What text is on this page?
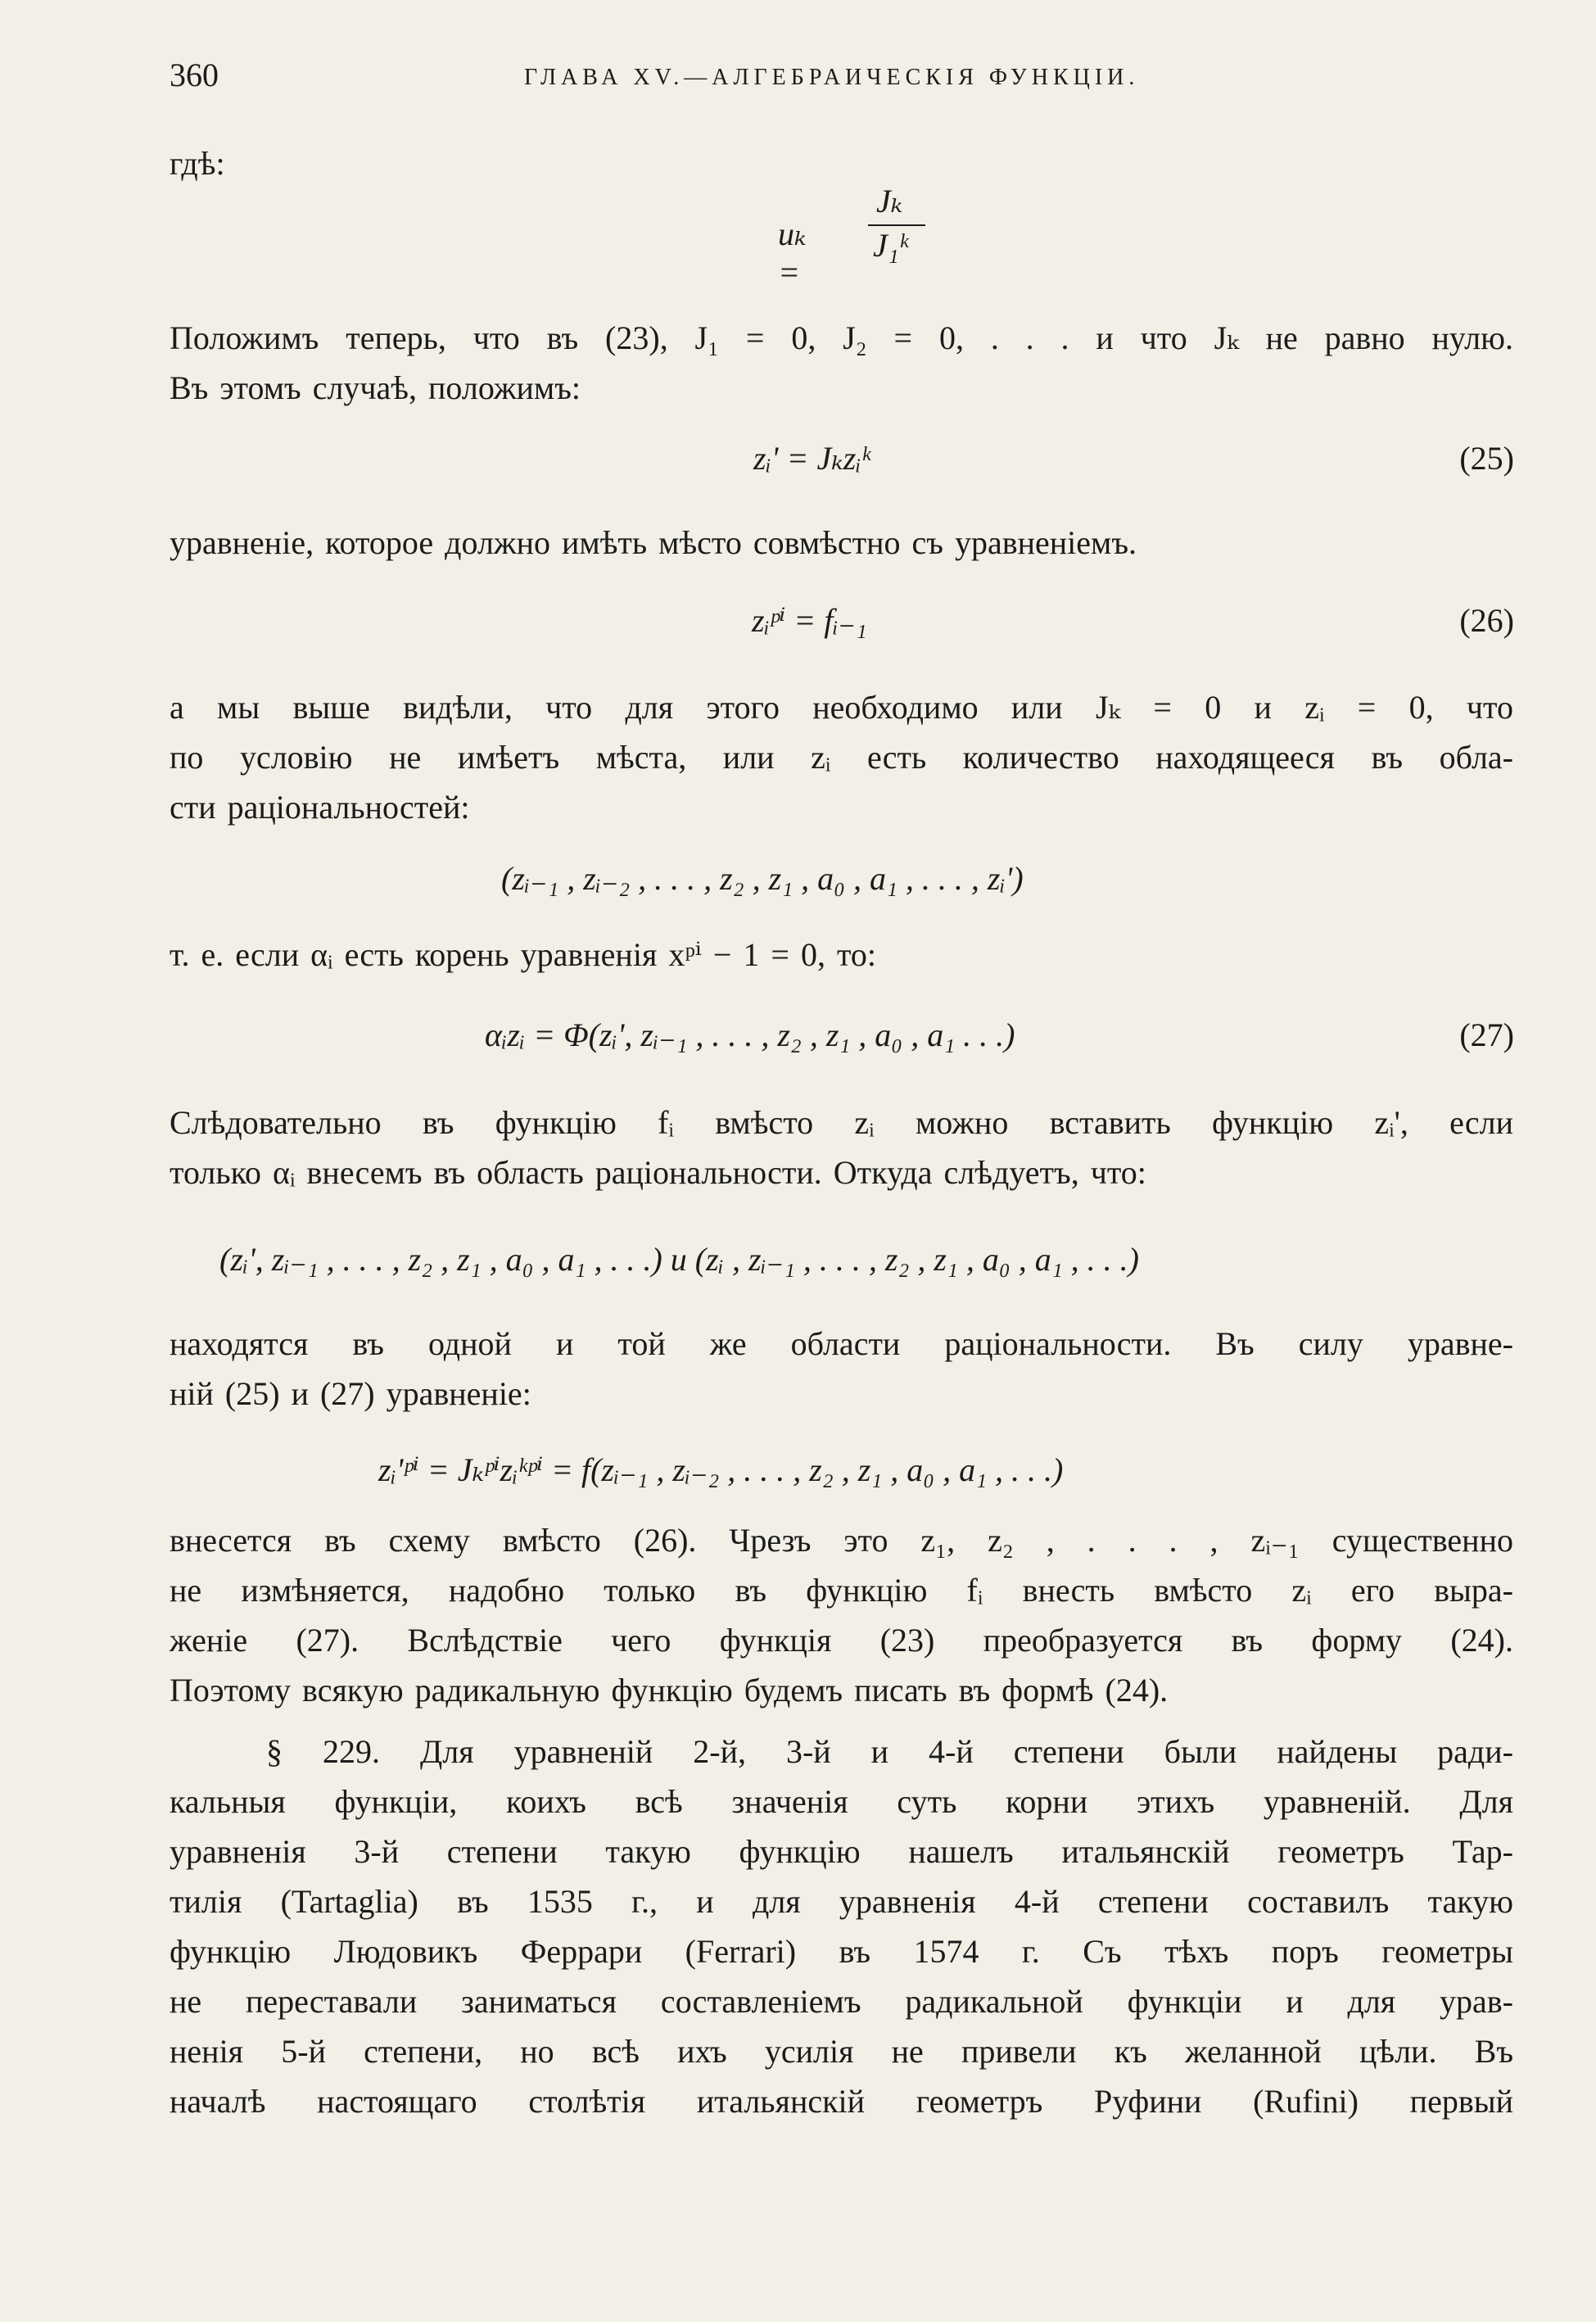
360	ГЛАВА XV.—АЛГЕБРАИЧЕСКІЯ ФУНКЦІИ.
гдѣ:
uₖ =
Jₖ
J₁ᵏ
Положимъ теперь, что въ (23), J₁ = 0, J₂ = 0, . . . и что Jₖ не равно нулю.
Въ этомъ случаѣ, положимъ:
zᵢ' = Jₖzᵢᵏ	(25)
уравненіе, которое должно имѣть мѣсто совмѣстно съ уравненіемъ.
zᵢᵖⁱ = fᵢ₋₁	(26)
а мы выше видѣли, что для этого необходимо или Jₖ = 0 и zᵢ = 0, что
по условію не имѣетъ мѣста, или zᵢ есть количество находящееся въ обла-
сти раціональностей:
(zᵢ₋₁ , zᵢ₋₂ , . . . , z₂ , z₁ , a₀ , a₁ , . . . , zᵢ')
т. е. если αᵢ есть корень уравненія xᵖⁱ − 1 = 0, то:
αᵢzᵢ = Φ(zᵢ', zᵢ₋₁ , . . . , z₂ , z₁ , a₀ , a₁ . . .)	(27)
Слѣдовательно въ функцію fᵢ вмѣсто zᵢ можно вставить функцію zᵢ', если
только αᵢ внесемъ въ область раціональности. Откуда слѣдуетъ, что:
(zᵢ', zᵢ₋₁ , . . . , z₂ , z₁ , a₀ , a₁ , . . .) и (zᵢ , zᵢ₋₁ , . . . , z₂ , z₁ , a₀ , a₁ , . . .)
находятся въ одной и той же области раціональности. Въ силу уравне-
ній (25) и (27) уравненіе:
zᵢ'ᵖⁱ = Jₖᵖⁱzᵢᵏᵖⁱ = f(zᵢ₋₁ , zᵢ₋₂ , . . . , z₂ , z₁ , a₀ , a₁ , . . .)
внесется въ схему вмѣсто (26). Чрезъ это z₁, z₂ , . . . , zᵢ₋₁ существенно
не измѣняется, надобно только въ функцію fᵢ внесть вмѣсто zᵢ его выра-
женіе (27). Вслѣдствіе чего функція (23) преобразуется въ форму (24).
Поэтому всякую радикальную функцію будемъ писать въ формѣ (24).
§ 229. Для уравненій 2-й, 3-й и 4-й степени были найдены ради-
кальныя функціи, коихъ всѣ значенія суть корни этихъ уравненій. Для
уравненія 3-й степени такую функцію нашелъ итальянскій геометръ Тар-
тилія (Tartaglia) въ 1535 г., и для уравненія 4-й степени составилъ такую
функцію Людовикъ Феррари (Ferrari) въ 1574 г. Съ тѣхъ поръ геометры
не переставали заниматься составленіемъ радикальной функціи и для урав-
ненія 5-й степени, но всѣ ихъ усилія не привели къ желанной цѣли. Въ
началѣ настоящаго столѣтія итальянскій геометръ Руфини (Rufini) первый
